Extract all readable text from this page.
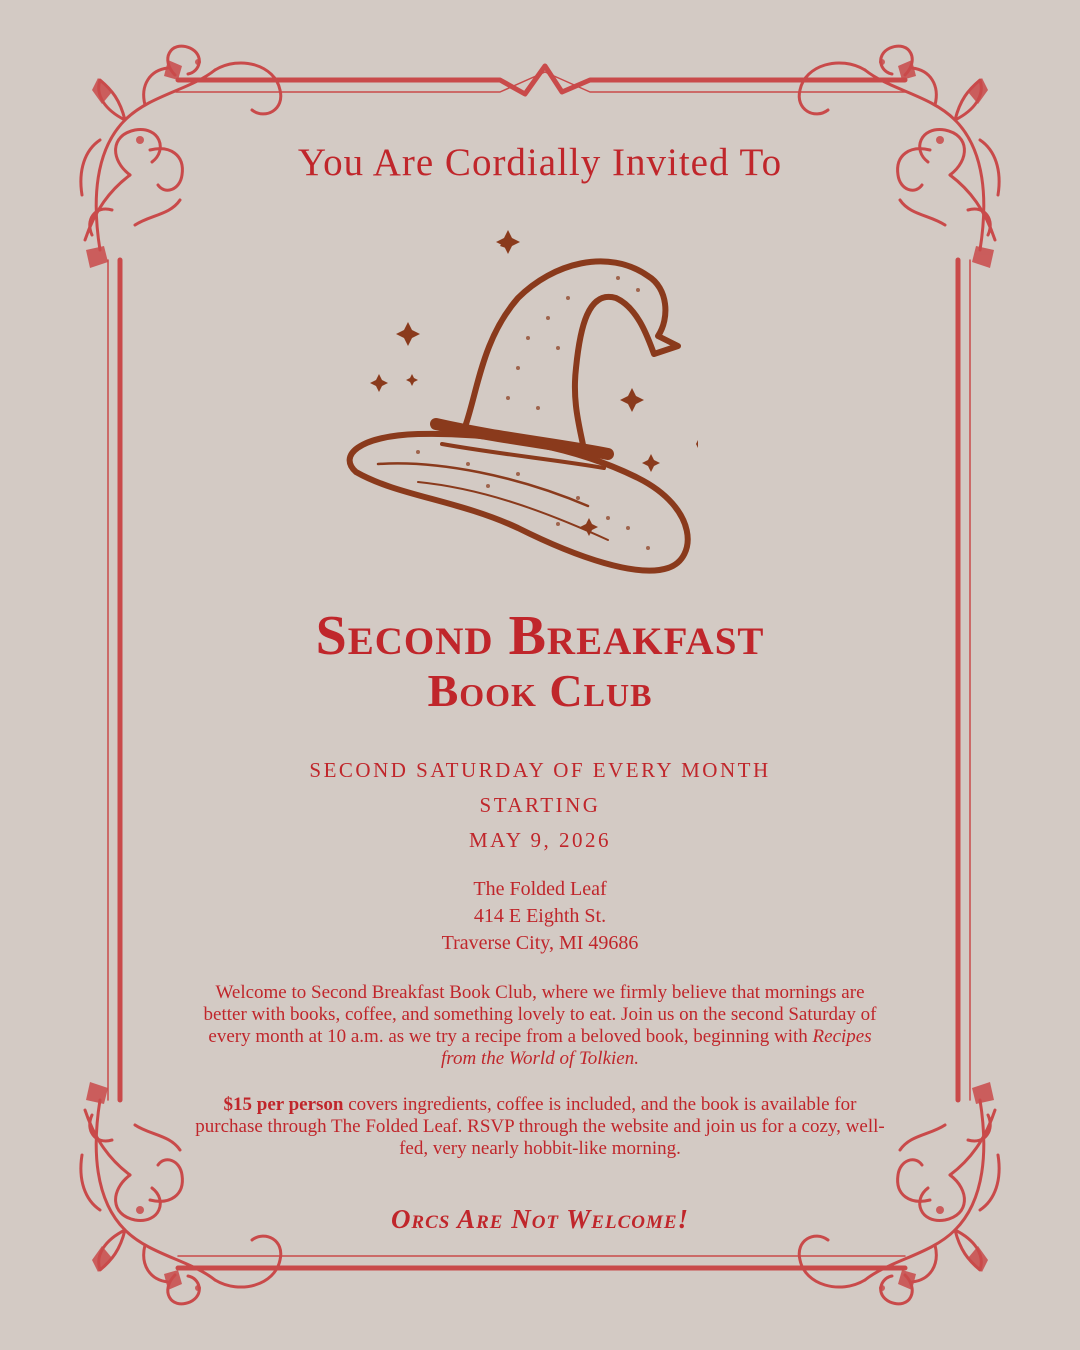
You Are Cordially Invited To
Second Breakfast
Book Club
SECOND SATURDAY OF EVERY MONTH
STARTING
MAY 9, 2026
The Folded Leaf
414 E Eighth St.
Traverse City, MI 49686
Welcome to Second Breakfast Book Club, where we firmly believe that mornings are better with books, coffee, and something lovely to eat. Join us on the second Saturday of every month at 10 a.m. as we try a recipe from a beloved book, beginning with Recipes from the World of Tolkien.
$15 per person covers ingredients, coffee is included, and the book is available for purchase through The Folded Leaf. RSVP through the website and join us for a cozy, well-fed, very nearly hobbit-like morning.
Orcs Are Not Welcome!
